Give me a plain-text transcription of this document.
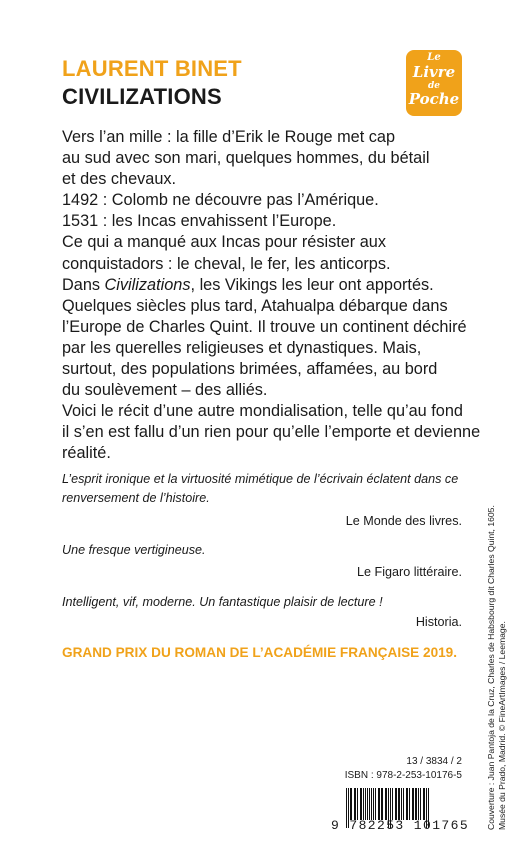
LAURENT BINET
CIVILIZATIONS
Le
Livre
de
Poche
Vers l’an mille : la fille d’Erik le Rouge met cap
au sud avec son mari, quelques hommes, du bétail
et des chevaux.
1492 : Colomb ne découvre pas l’Amérique.
1531 : les Incas envahissent l’Europe.
Ce qui a manqué aux Incas pour résister aux
conquistadors : le cheval, le fer, les anticorps.
Dans Civilizations, les Vikings les leur ont apportés.
Quelques siècles plus tard, Atahualpa débarque dans
l’Europe de Charles Quint. Il trouve un continent déchiré
par les querelles religieuses et dynastiques. Mais,
surtout, des populations brimées, affamées, au bord
du soulèvement – des alliés.
Voici le récit d’une autre mondialisation, telle qu’au fond
il s’en est fallu d’un rien pour qu’elle l’emporte et devienne
réalité.
L’esprit ironique et la virtuosité mimétique de l’écrivain éclatent dans ce renversement de l’histoire.
Le Monde des livres.
Une fresque vertigineuse.
Le Figaro littéraire.
Intelligent, vif, moderne. Un fantastique plaisir de lecture !
Historia.
GRAND PRIX DU ROMAN DE L’ACADÉMIE FRANÇAISE 2019.
13 / 3834 / 2
ISBN : 978-2-253-10176-5
9 782253 101765 Couverture : Juan Pantoja de la Cruz, Charles de Habsbourg dit Charles Quint, 1605. Musée du Prado, Madrid. © FineArtImages / Leemage.
